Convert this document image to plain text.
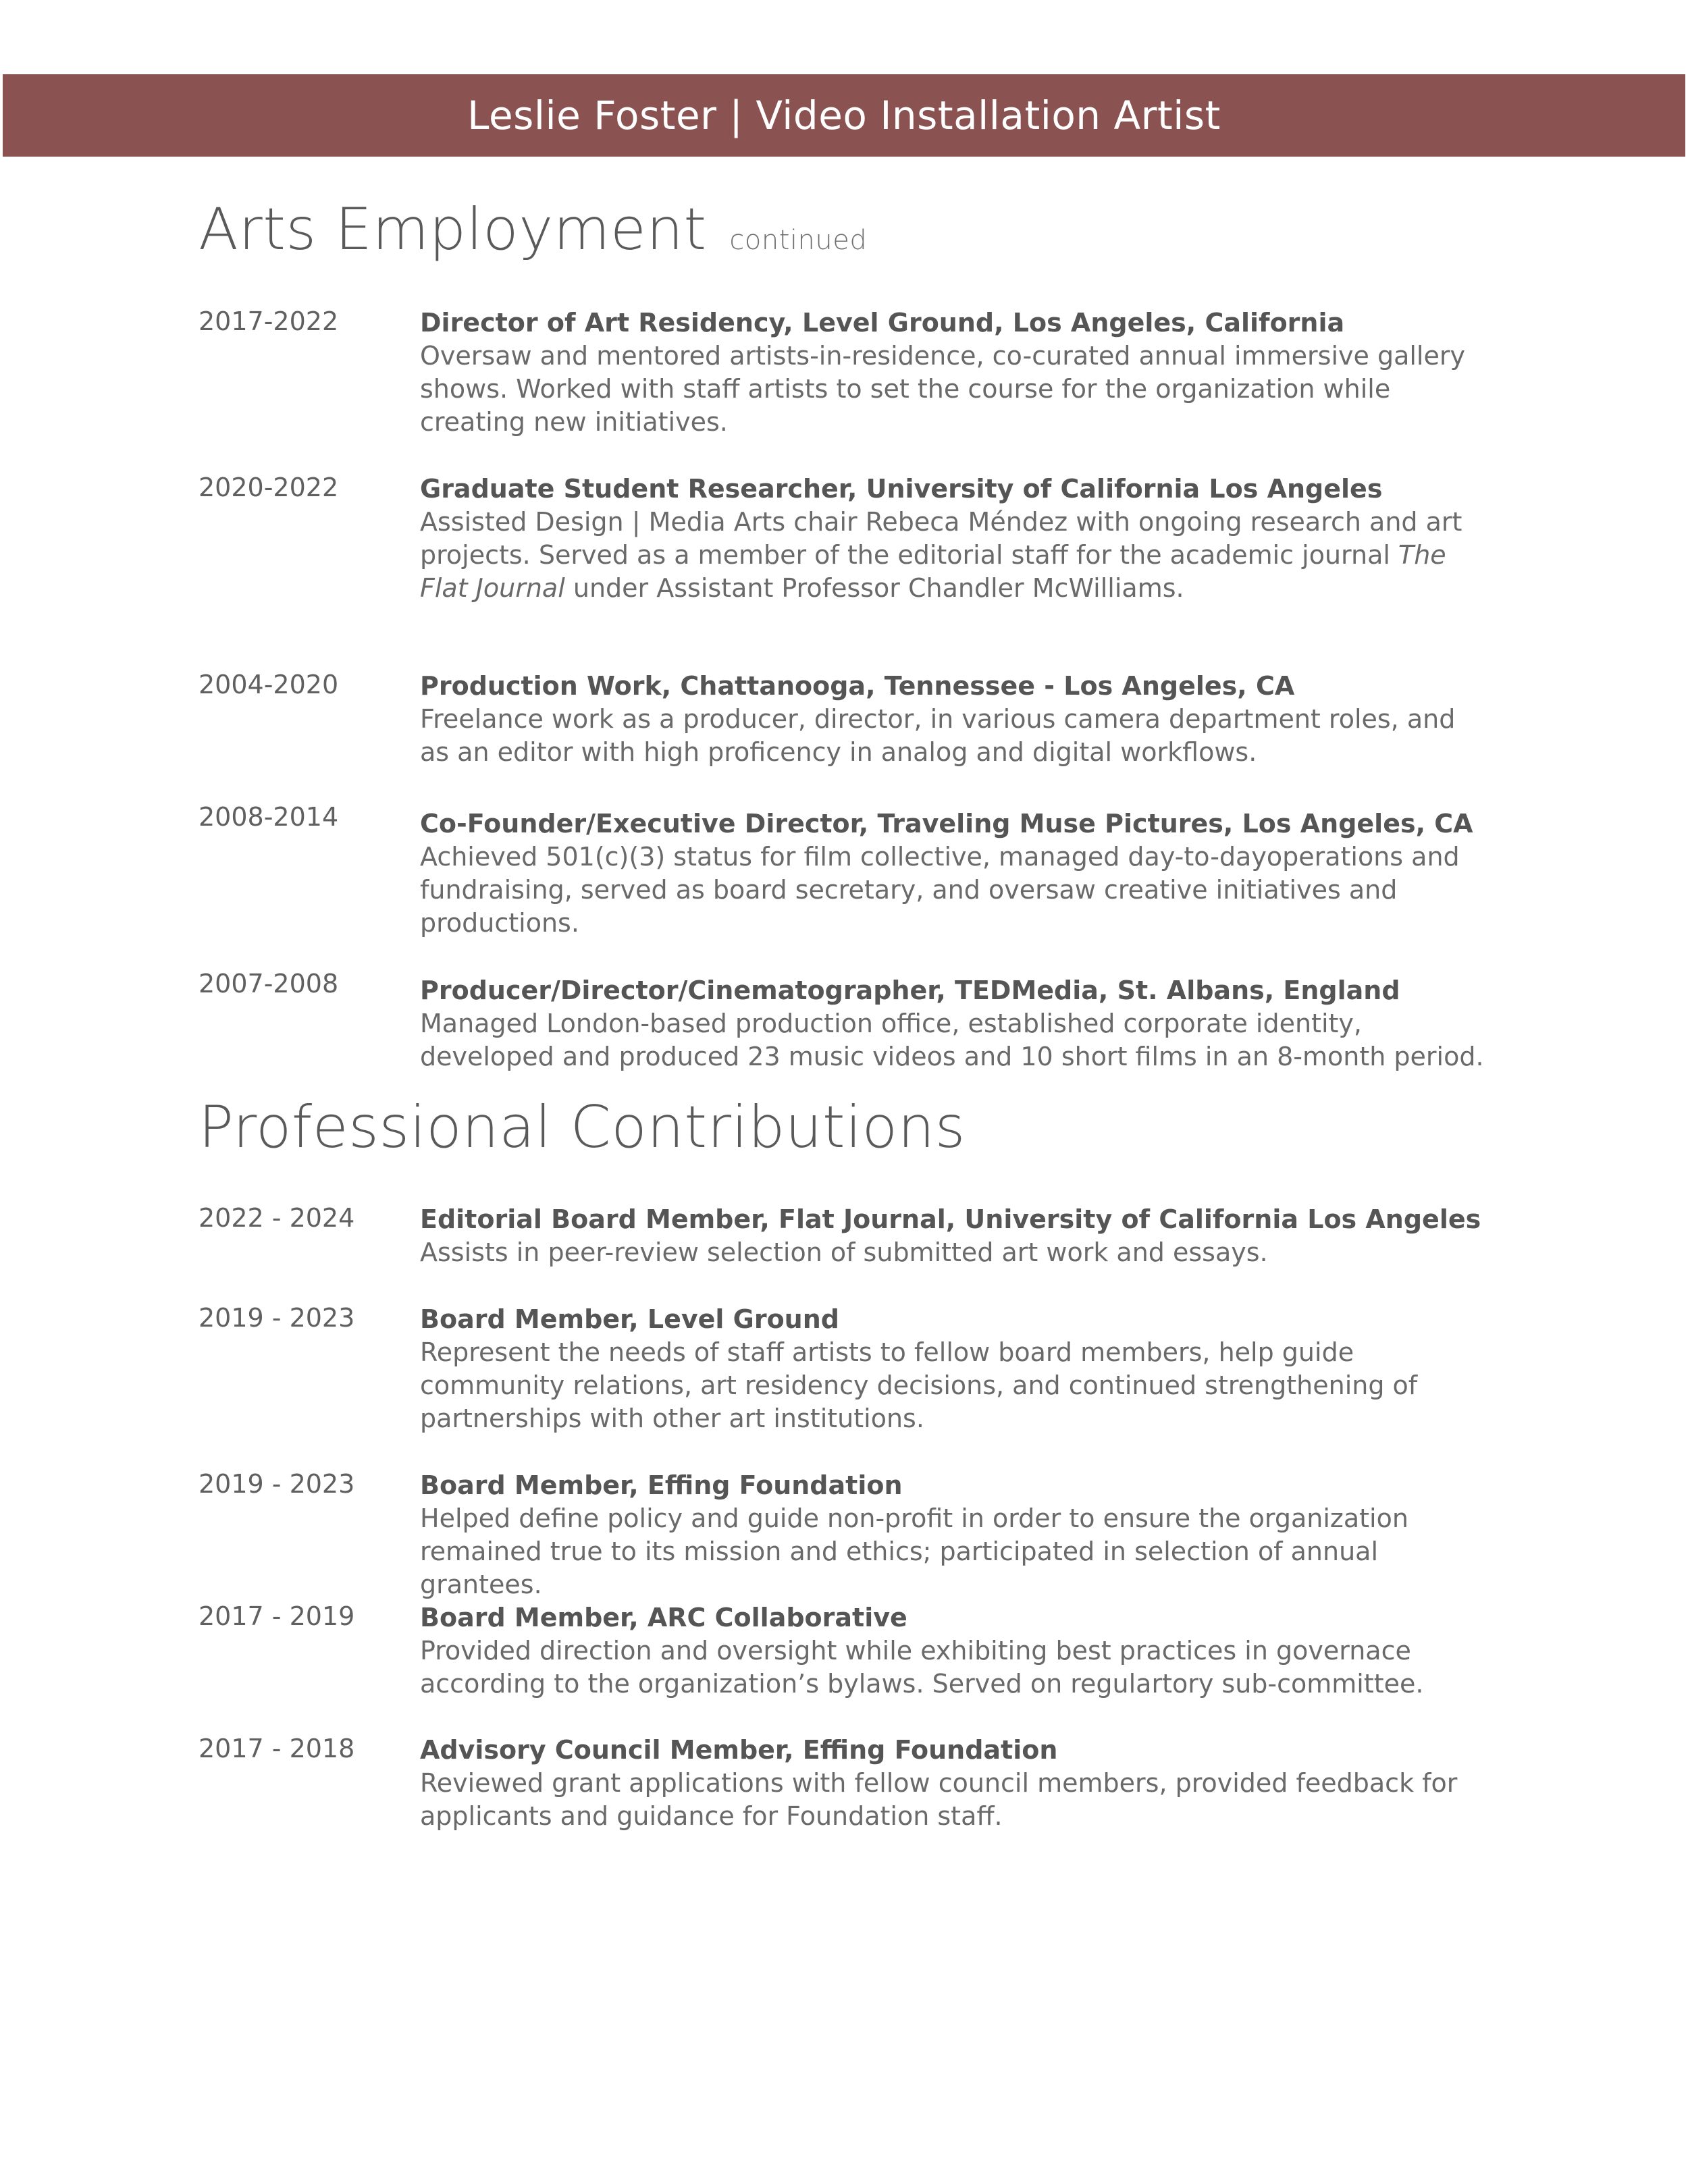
Leslie Foster | Video Installation Artist
Arts Employment continued
2017-2022	Director of Art Residency, Level Ground, Los Angeles, California
Oversaw and mentored artists-in-residence, co-curated annual immersive gallery shows. Worked with staff artists to set the course for the organization while creating new initiatives.
2020-2022	Graduate Student Researcher, University of California Los Angeles
Assisted Design | Media Arts chair Rebeca Méndez with ongoing research and art projects. Served as a member of the editorial staff for the academic journal The Flat Journal under Assistant Professor Chandler McWilliams.
2004-2020	Production Work, Chattanooga, Tennessee - Los Angeles, CA
Freelance work as a producer, director, in various camera department roles, and as an editor with high proficency in analog and digital workflows.
2008-2014	Co-Founder/Executive Director, Traveling Muse Pictures, Los Angeles, CA
Achieved 501(c)(3) status for film collective, managed day-to-dayoperations and fundraising, served as board secretary, and oversaw creative initiatives and productions.
2007-2008	Producer/Director/Cinematographer, TEDMedia, St. Albans, England
Managed London-based production office, established corporate identity, developed and produced 23 music videos and 10 short films in an 8-month period.
Professional Contributions
2022 - 2024	Editorial Board Member, Flat Journal, University of California Los Angeles
Assists in peer-review selection of submitted art work and essays.
2019 - 2023	Board Member, Level Ground
Represent the needs of staff artists to fellow board members, help guide community relations, art residency decisions, and continued strengthening of partnerships with other art institutions.
2019 - 2023	Board Member, Effing Foundation
Helped define policy and guide non-profit in order to ensure the organization remained true to its mission and ethics; participated in selection of annual grantees.
2017 - 2019	Board Member, ARC Collaborative
Provided direction and oversight while exhibiting best practices in governace according to the organization’s bylaws. Served on regulartory sub-committee.
2017 - 2018	Advisory Council Member, Effing Foundation
Reviewed grant applications with fellow council members, provided feedback for applicants and guidance for Foundation staff.
